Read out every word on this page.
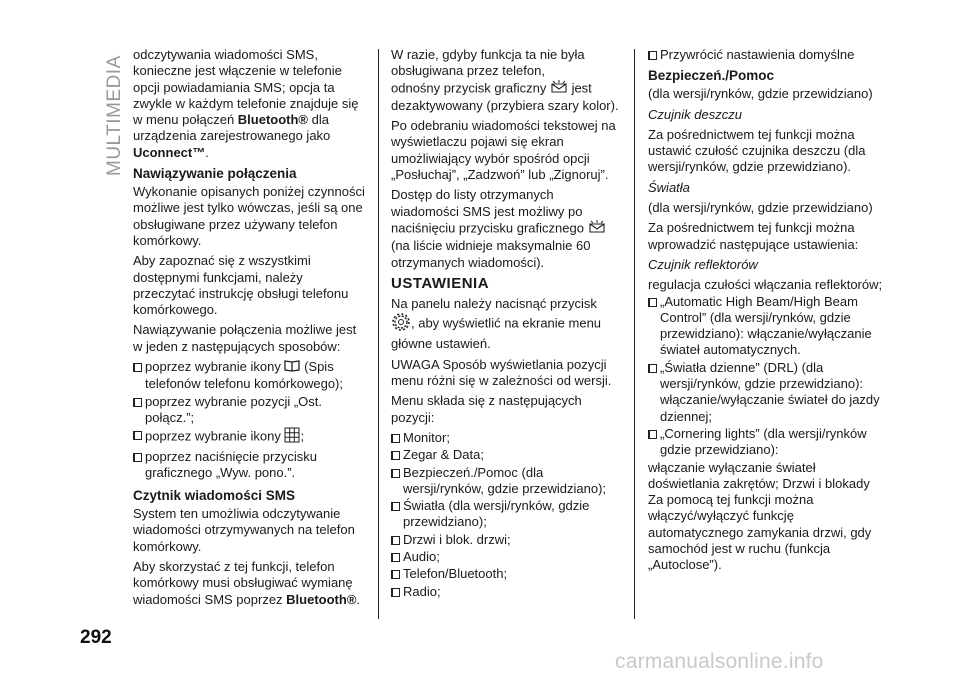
MULTIMEDIA

odczytywania wiadomości SMS, konieczne jest włączenie w telefonie opcji powiadamiania SMS; opcja ta zwykle w każdym telefonie znajduje się w menu połączeń Bluetooth® dla urządzenia zarejestrowanego jako Uconnect™.

Nawiązywanie połączenia

Wykonanie opisanych poniżej czynności możliwe jest tylko wówczas, jeśli są one obsługiwane przez używany telefon komórkowy.

Aby zapoznać się z wszystkimi dostępnymi funkcjami, należy przeczytać instrukcję obsługi telefonu komórkowego.

Nawiązywanie połączenia możliwe jest w jeden z następujących sposobów:

poprzez wybranie ikony  (Spis telefonów telefonu komórkowego);
poprzez wybranie pozycji „Ost. połącz.”;
poprzez wybranie ikony ;
poprzez naciśnięcie przycisku graficznego „Wyw. pono.”.
Czytnik wiadomości SMS

System ten umożliwia odczytywanie wiadomości otrzymywanych na telefon komórkowy.

Aby skorzystać z tej funkcji, telefon komórkowy musi obsługiwać wymianę wiadomości SMS poprzez Bluetooth®.

W razie, gdyby funkcja ta nie była obsługiwana przez telefon,

odnośny przycisk graficzny  jest dezaktywowany (przybiera szary kolor).

Po odebraniu wiadomości tekstowej na wyświetlaczu pojawi się ekran umożliwiający wybór spośród opcji „Posłuchaj”, „Zadzwoń” lub „Zignoruj”.

Dostęp do listy otrzymanych wiadomości SMS jest możliwy po naciśnięciu przycisku graficznego  (na liście widnieje maksymalnie 60 otrzymanych wiadomości).

USTAWIENIA

Na panelu należy nacisnąć przycisk
, aby wyświetlić na ekranie menu główne ustawień.

UWAGA Sposób wyświetlania pozycji menu różni się w zależności od wersji.

Menu składa się z następujących pozycji:

Monitor;
Zegar & Data;
Bezpieczeń./Pomoc (dla wersji/rynków, gdzie przewidziano);
Światła (dla wersji/rynków, gdzie przewidziano);
Drzwi i blok. drzwi;
Audio;
Telefon/Bluetooth;
Radio;
Przywrócić nastawienia domyślne
Bezpieczeń./Pomoc

(dla wersji/rynków, gdzie przewidziano)

Czujnik deszczu

Za pośrednictwem tej funkcji można ustawić czułość czujnika deszczu (dla wersji/rynków, gdzie przewidziano).

Światła

(dla wersji/rynków, gdzie przewidziano)

Za pośrednictwem tej funkcji można wprowadzić następujące ustawienia:

Czujnik reflektorów

regulacja czułości włączania reflektorów;

„Automatic High Beam/High Beam Control” (dla wersji/rynków, gdzie przewidziano): włączanie/wyłączanie świateł automatycznych.
„Światła dzienne” (DRL) (dla wersji/rynków, gdzie przewidziano): włączanie/wyłączanie świateł do jazdy dziennej;
„Cornering lights” (dla wersji/rynków gdzie przewidziano):

włączanie wyłączanie świateł doświetlania zakrętów; Drzwi i blokady Za pomocą tej funkcji można włączyć/wyłączyć funkcję automatycznego zamykania drzwi, gdy samochód jest w ruchu (funkcja „Autoclose”).

292
carmanualsonline.info
